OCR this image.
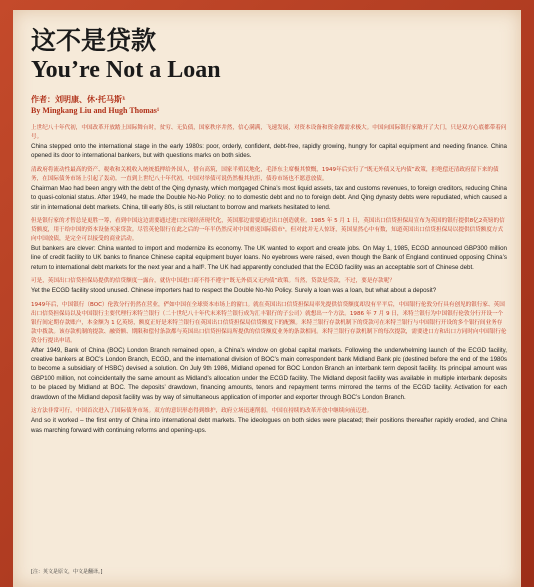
这不是贷款
You’re Not a Loan
作者：刘明康、休·托马斯¹
By Mingkang Liu and Hugh Thomas¹

上世纪八十年代初，中国改革开放踏上国际舞台时，贫穷、无负债，国家秩序井然，信心满满，飞速发展，对资本设备和资金都需求极大。中国向国际银行家敞开了大门，只是双方心底都带着问号。

China stepped onto the international stage in the early 1980s: poor, orderly, confident, debt-free, rapidly growing, hungry for capital equipment and needing finance. China opened its door to international bankers, but with questions marks on both sides.

清政府将流动性最高的资产、税收和关税收入统统抵押给外国人，借台高筑，国家半殖民地化，毛泽东主席极其愤慨，1949年后实行了“既无外债又无内债”政策，拒绝偿还清政府留下来的债务，在国际债务市场上引起了轰动。一直到上世纪八十年代初，中国对举债可说仍然极其抗拒，债券市场也不愿意放债。

Chairman Mao had been angry with the debt of the Qing dynasty, which mortgaged China’s most liquid assets, tax and customs revenues, to foreign creditors, reducing China to quasi-colonial status. After 1949, he made the Double No-No Policy: no to domestic debt and no to foreign debt. And Qing dynasty debts were repudiated, which caused a stir in international debt markets. China, till early 80s, is still reluctant to borrow and markets hesitated to lend.

但是银行家的才智总是更胜一筹，看到中国这边需要通过进口实现经济现代化，英国那边需要通过出口创造就业。1985 年 5 月 1 日，英国出口信贷担保局宣布为英国的银行提供8亿2英镑的信贷额度，用于给中国的资本设备买家贷款。尽管英伦银行在此之后的一年半仍然反对中国重返国际债市¹，但对此并无人惊讶，英国显然心中有数，知道英国出口信贷担保局以提供信贷额度方式向中国放债，是完全可以接受的商业活动。

But bankers are clever: China wanted to import and modernize its economy. The UK wanted to export and create jobs. On May 1, 1985, ECGD announced GBP300 million line of credit facility to UK banks to finance Chinese capital equipment buyer loans. No eyebrows were raised, even though the Bank of England continued opposing China’s return to international debt markets for the next year and a half². The UK had apparently concluded that the ECGD facility was an acceptable sort of Chinese debt.

可是，英国出口信贷担保局提供的信贷额度一露台，就仿中国进口商不得不遵守“既无外债又无内债”政策。当然，贷款是贷款，不过，要是存款呢？

Yet the ECGD facility stood unused. Chinese importers had to respect the Double No-No Policy. Surely a loan was a loan, but what about a deposit?

1949年后，中国银行（BOC）伦敦分行仍然在营业，俨如中国在全球资本市场上的窗口。就在英国出口信贷担保局率先提供信贷额度却没有平平后，中国银行伦敦分行具有创见的银行家、英国出口信贷担保局以及中国银行主要代理行米特兰银行（二十世纪八十年代末米特兰银行成为汇丰银行的子公司）就想出一个方法。1986 年 7 月 9 日，米特兰银行为中国银行伦敦分行开设一个银行间定期存款账户，本金额为 1 亿英镑，额度正好是米特兰银行在英国出口信贷担保局信贷额度下的配额。米特兰银行存款机制下的贷款可在米特兰银行与中国银行开设的多个银行间业务存款中拨款。该存款机制的提款、融资额、期限和偿付条款都与英国出口信贷担保局所提供的信贷额度业务的条款相同。米特兰银行存款机制下的每次提款，需要进口方和出口方同时向中国银行伦敦分行提出申请。

After 1949, Bank of China (BOC) London Branch remained open, a China’s window on global capital markets. Following the underwhelming launch of the ECGD facility, creative bankers at BOC’s London Branch, ECGD, and the international division of BOC’s main correspondent bank Midland Bank plc (destined before the end of the 1980s to become a subsidiary of HSBC) devised a solution. On July 9th 1986, Midland opened for BOC London Branch an interbank term deposit facility. Its principal amount was GBP100 million, not coincidentally the same amount as Midland’s allocation under the ECGD facility. The Midland deposit facility was available in multiple interbank deposits to be placed by Midland at BOC. The deposits’ drawdown, financing amounts, tenors and repayment terms mirrored the terms of the ECGD facility. Activation for each drawdown of the Midland deposit facility was by way of simultaneous application of importer and exporter through BOC’s London Branch.

这方法非常可行，中国首次进入了国际债务市场。双方的意识形态得到维护，政府立场迅速削弱，中国在持续的改革开放中继续向前迈进。

And so it worked – the first entry of China into international debt markets. The ideologues on both sides were placated; their positions thereafter rapidly eroded, and China was marching forward with continuing reforms and opening-ups.

[注：英文是原文，中文是翻译。]
